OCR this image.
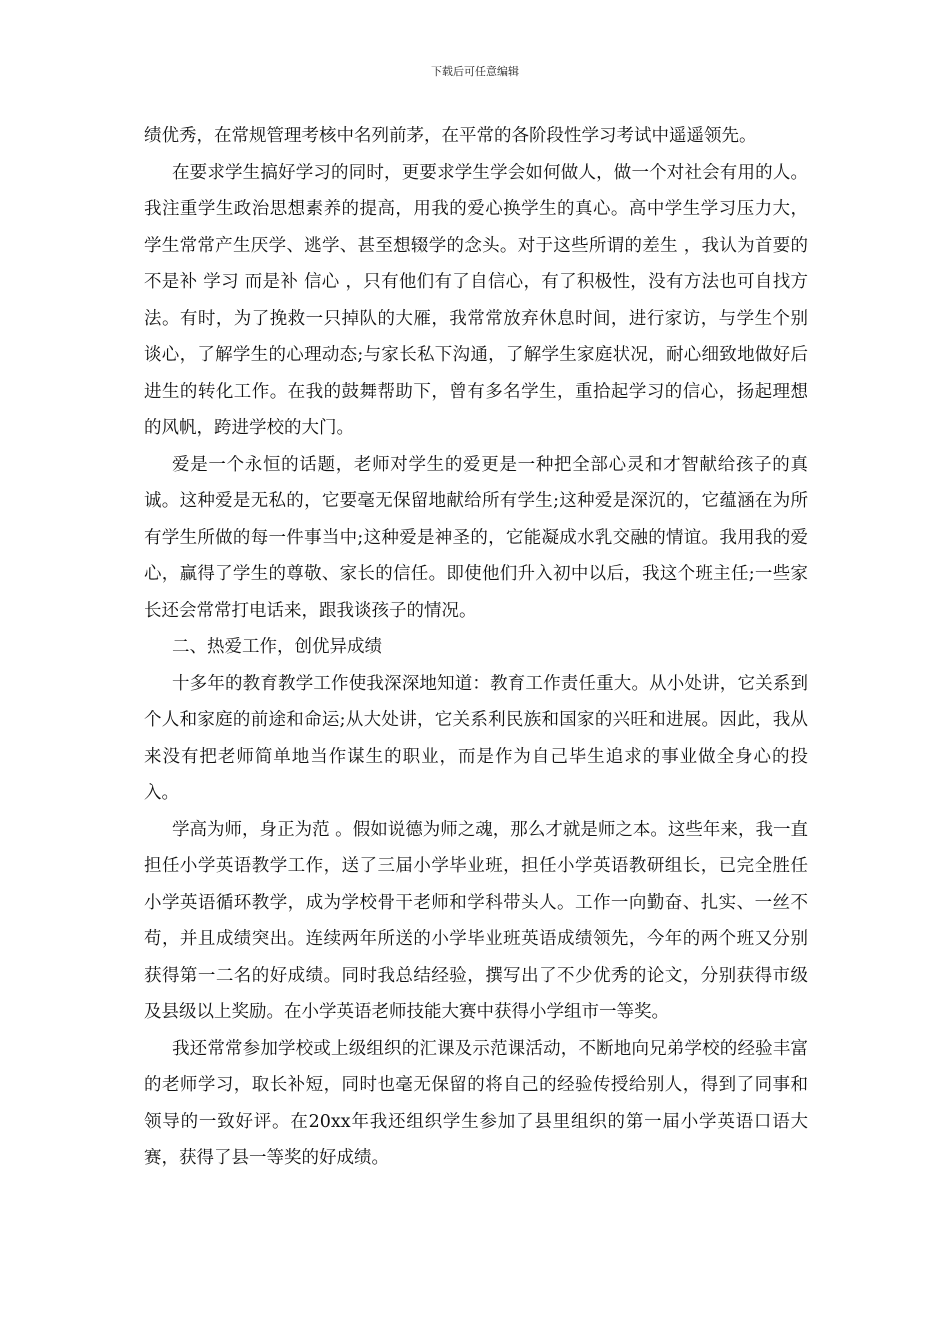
下载后可任意编辑

绩优秀，在常规管理考核中名列前茅，在平常的各阶段性学习考试中遥遥领先。

在要求学生搞好学习的同时，更要求学生学会如何做人，做一个对社会有用的人。我注重学生政治思想素养的提高，用我的爱心换学生的真心。高中学生学习压力大，学生常常产生厌学、逃学、甚至想辍学的念头。对于这些所谓的差生 ，我认为首要的不是补 学习 而是补 信心 ，只有他们有了自信心，有了积极性，没有方法也可自找方法。有时，为了挽救一只掉队的大雁，我常常放弃休息时间，进行家访，与学生个别谈心，了解学生的心理动态;与家长私下沟通，了解学生家庭状况，耐心细致地做好后进生的转化工作。在我的鼓舞帮助下，曾有多名学生，重拾起学习的信心，扬起理想的风帆，跨进学校的大门。

爱是一个永恒的话题，老师对学生的爱更是一种把全部心灵和才智献给孩子的真诚。这种爱是无私的，它要毫无保留地献给所有学生;这种爱是深沉的，它蕴涵在为所有学生所做的每一件事当中;这种爱是神圣的，它能凝成水乳交融的情谊。我用我的爱心，赢得了学生的尊敬、家长的信任。即使他们升入初中以后，我这个班主任;一些家长还会常常打电话来，跟我谈孩子的情况。

二、热爱工作，创优异成绩

十多年的教育教学工作使我深深地知道：教育工作责任重大。从小处讲，它关系到个人和家庭的前途和命运;从大处讲，它关系利民族和国家的兴旺和进展。因此，我从来没有把老师简单地当作谋生的职业，而是作为自己毕生追求的事业做全身心的投入。

学高为师，身正为范 。假如说德为师之魂，那么才就是师之本。这些年来，我一直担任小学英语教学工作，送了三届小学毕业班，担任小学英语教研组长，已完全胜任小学英语循环教学，成为学校骨干老师和学科带头人。工作一向勤奋、扎实、一丝不苟，并且成绩突出。连续两年所送的小学毕业班英语成绩领先，今年的两个班又分别获得第一二名的好成绩。同时我总结经验，撰写出了不少优秀的论文，分别获得市级及县级以上奖励。在小学英语老师技能大赛中获得小学组市一等奖。

我还常常参加学校或上级组织的汇课及示范课活动，不断地向兄弟学校的经验丰富的老师学习，取长补短，同时也毫无保留的将自己的经验传授给别人，得到了同事和领导的一致好评。在20xx年我还组织学生参加了县里组织的第一届小学英语口语大赛，获得了县一等奖的好成绩。
